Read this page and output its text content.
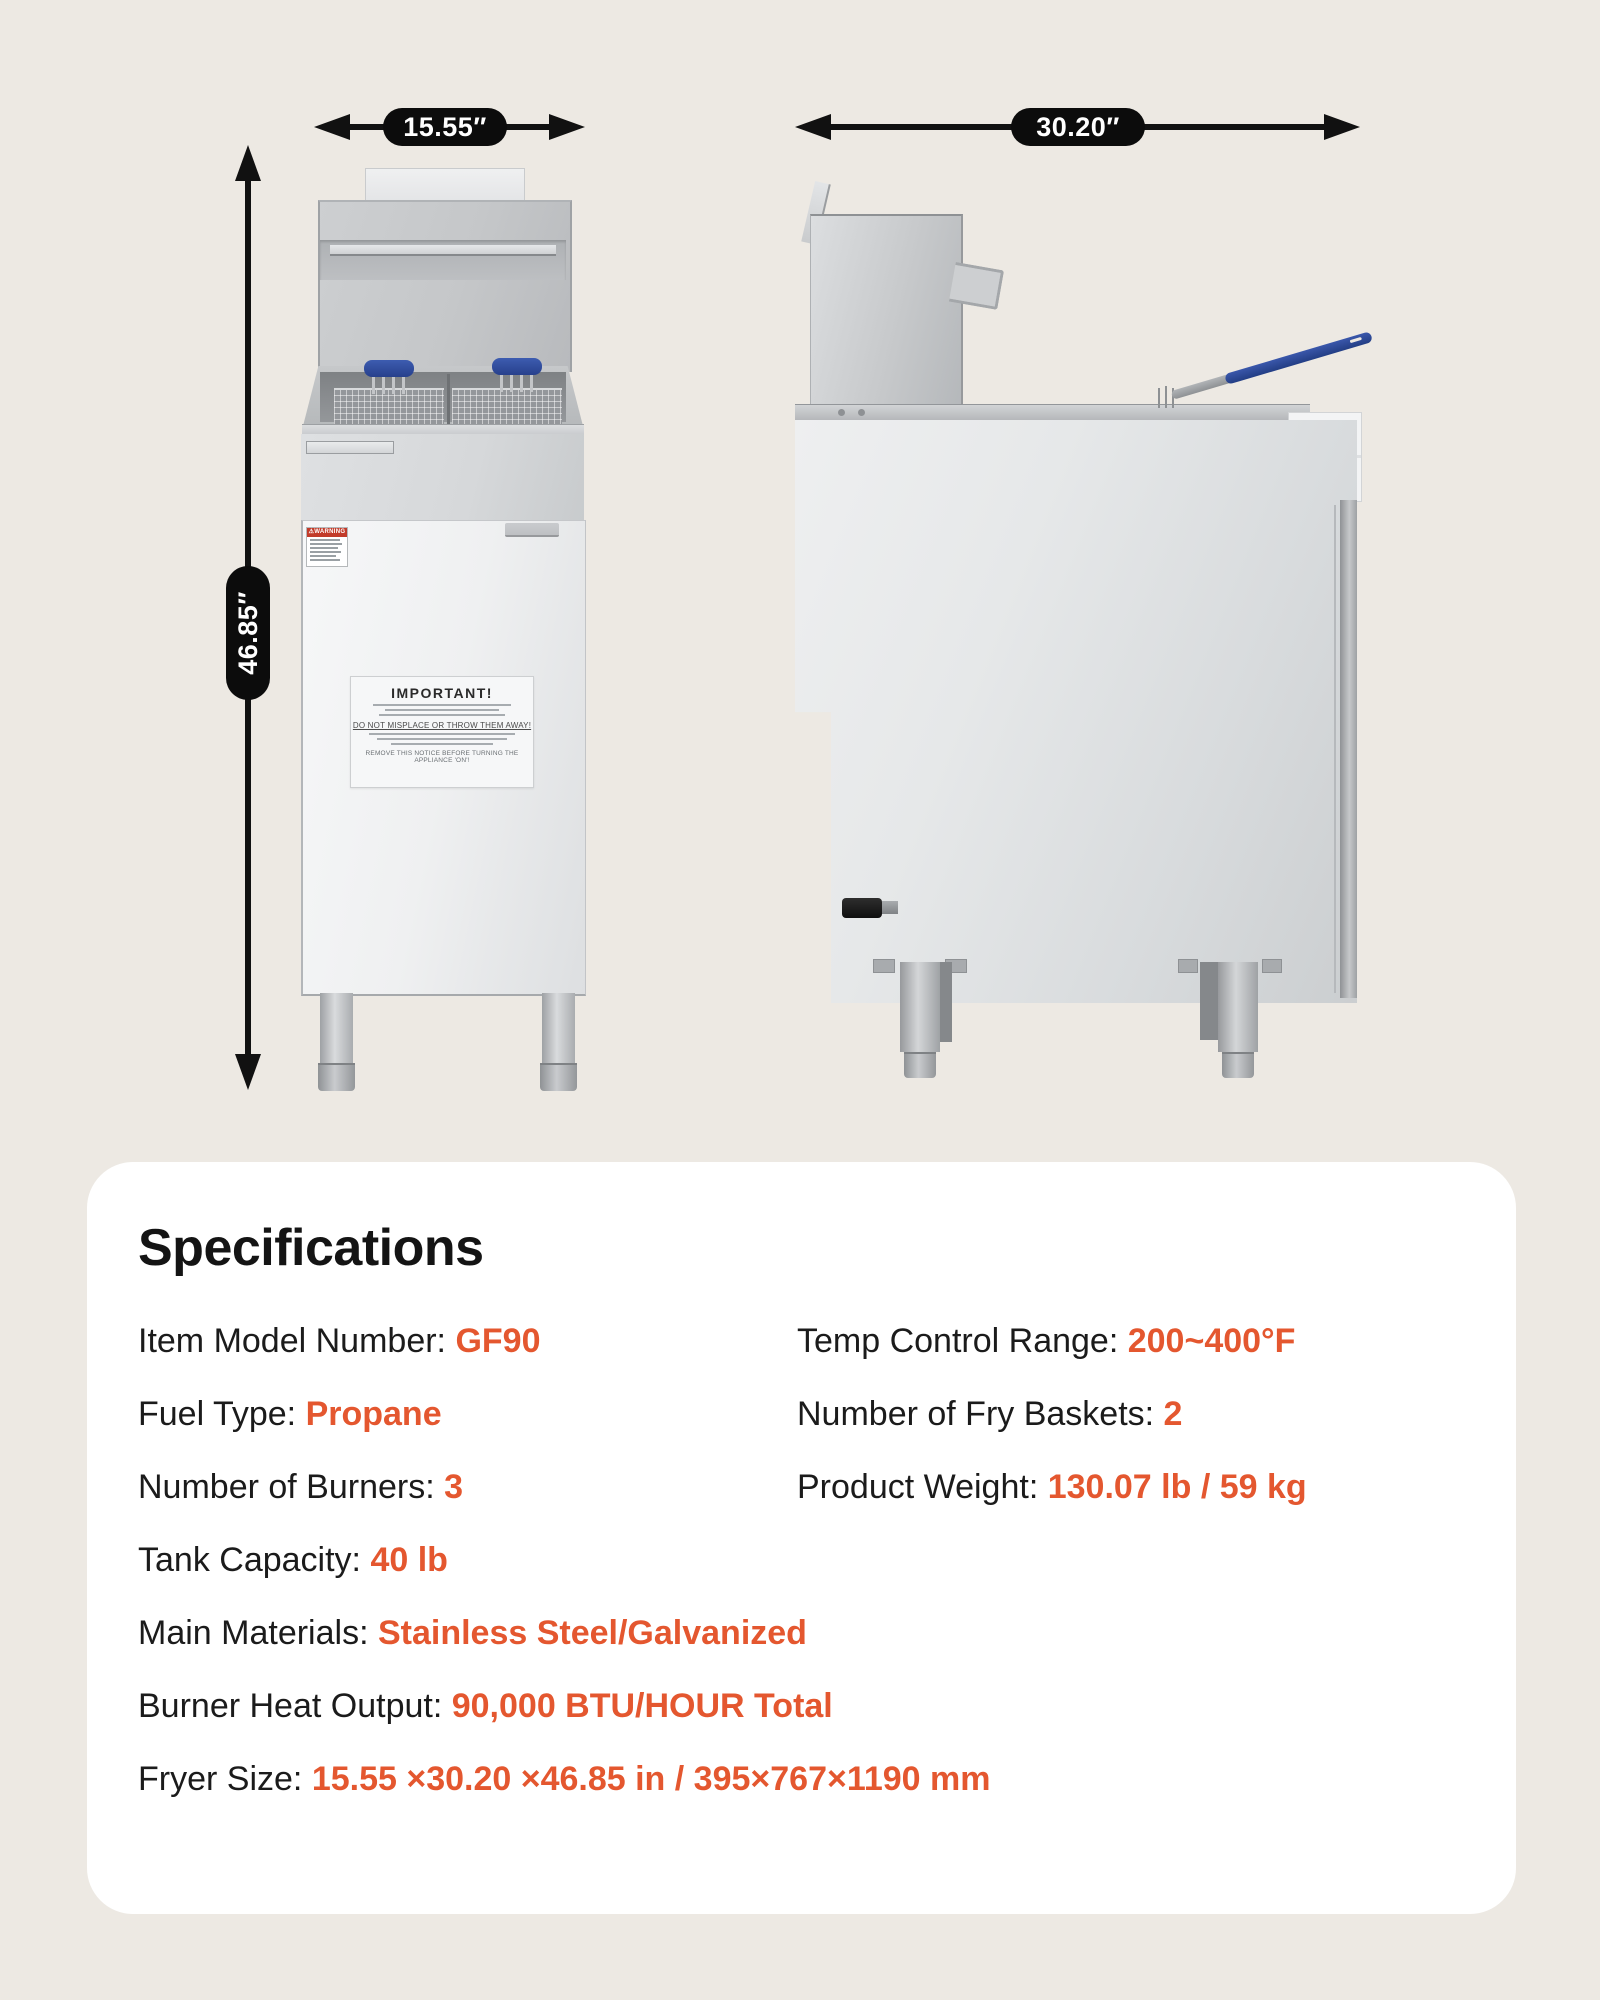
15.55″
46.85″
30.20″
⚠WARNING
IMPORTANT!
DO NOT MISPLACE OR THROW THEM AWAY!
REMOVE THIS NOTICE BEFORE TURNING THE APPLIANCE 'ON'!
Specifications
Item Model Number: GF90
Fuel Type: Propane
Number of Burners: 3
Tank Capacity: 40 lb
Main Materials: Stainless Steel/Galvanized
Burner Heat Output: 90,000 BTU/HOUR Total
Fryer Size: 15.55 ×30.20 ×46.85 in / 395×767×1190 mm
Temp Control Range: 200~400°F
Number of Fry Baskets: 2
Product Weight: 130.07 lb / 59 kg
